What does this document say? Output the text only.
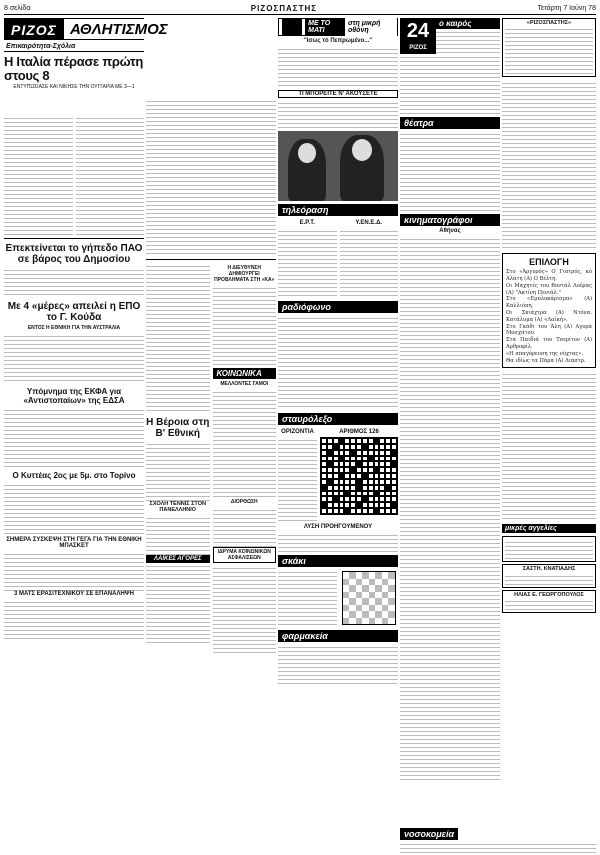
8 σελίδα	ΡΙΖΟΣΠΑΣΤΗΣ	Τετάρτη 7 Ιούνη 78
ΡΙΖΟΣ ΑΘΛΗΤΙΣΜΟΣ
Επικαιρότητα-Σχόλια
Η Ιταλία πέρασε πρώτη στους 8
ΕΝΤΥΠΩΣΙΑΣΕ ΚΑΙ ΝΙΚΗΣΕ ΤΗΝ ΟΥΓΓΑΡΙΑ ΜΕ 3—1

Επεκτείνεται το γήπεδο ΠΑΟ σε βάρος του Δημοσίου
Με 4 «μέρες» απειλεί η ΕΠΟ το Γ. Κούδα
ΕΝΤΟΣ Η ΕΘΝΙΚΗ ΓΙΑ ΤΗΝ ΑΥΣΤΡΑΛΙΑ
Υπόμνημα της ΕΚΦΑ για «Αντιστοπαίων» της ΕΔΣΑ
Ο Κυττέας 2ος με 5μ. στο Τορίνο
ΣΗΜΕΡΑ ΣΥΣΚΕΨΗ ΣΤΗ ΓΕΓΑ ΓΙΑ ΤΗΝ ΕΘΝΙΚΗ ΜΠΑΣΚΕΤ
3 ΜΑΤΣ ΕΡΑΣΙΤΕΧΝΙΚΟΥ ΣΕ ΕΠΑΝΑΛΗΨΗ
Η Βέροια στη Β' Εθνική
ΣΧΟΛΗ ΤΕΝΝΙΣ ΣΤΟΝ ΠΑΝΕΛΛΗΝΙΟ
ΛΑΪΚΕΣ ΑΓΟΡΕΣ
Η ΔΙΕΥΘΥΝΣΗ ΔΗΜΙΟΥΡΓΕΙ ΠΡΟΒΛΗΜΑΤΑ ΣΤΗ «ΚΑ»
ΚΟΙΝΩΝΙΚΑ
ΜΕΛΛΟΝΤΕΣ ΓΑΜΟΙ
ΔΙΟΡΘΩΣΗ
ΙΔΡΥΜΑ ΚΟΙΝΩΝΙΚΩΝ ΑΣΦΑΛΙΣΕΩΝ
ΜΕ ΤΟ ΜΑΤΙ
στη μικρή οθόνη
"Ισως τό Πεπρωμένο..."
ΤΙ ΜΠΟΡΕΙΤΕ Ν' ΑΚΟΥΣΕΤΕ
τηλεόραση
Ε.Ρ.Τ.	Υ.ΕΝ.Ε.Δ.
ραδιόφωνο
σταυρόλεξο
ΟΡΙΖΟΝΤΙΑ	ΑΡΙΘΜΟΣ 126
ΛΥΣΗ ΠΡΟΗΓΟΥΜΕΝΟΥ
σκάκι
φαρμακεία
24
ΡΙΖΟΣ
ο καιρός
θέατρα
κινηματογράφοι
Αθήνας
«ΡΙΖΟΣΠΑΣΤΗΣ»
ΕΠΙΛΟΓΗ
Στο «Άργυρός» Ο Γιατρός, κό Αλάτη (Α) Ο Βέλτη.
Οι Μαχητές του Βοντάλ Λοέρας (Α) "Ακτίνη Πενιάλ."
Στο «Εμπλοκάρισμα» (Α) Καλλιόπη.
Οι Σκιάχτρα (Α) Ντόνα. Κατάλυμα (Α) «Λαϊκή».
Στο Γκάθι του Άλη (Α) Αγορά Μοσχάτου.
Στα Παιδιά του Τσερίτον (Α) Αρθροφίλ.
«Η απαγόρευση της νύχτας».
Θα ιδίως τα Πάρα (Α) Διαστρ.
μικρές αγγελίες
ΣΑΣΤΗ. ΚΝΑΤΙΑΔΗΣ
ΗΛΙΑΣ Ε. ΓΕΩΡΓΟΠΟΥΛΟΣ
νοσοκομεία
